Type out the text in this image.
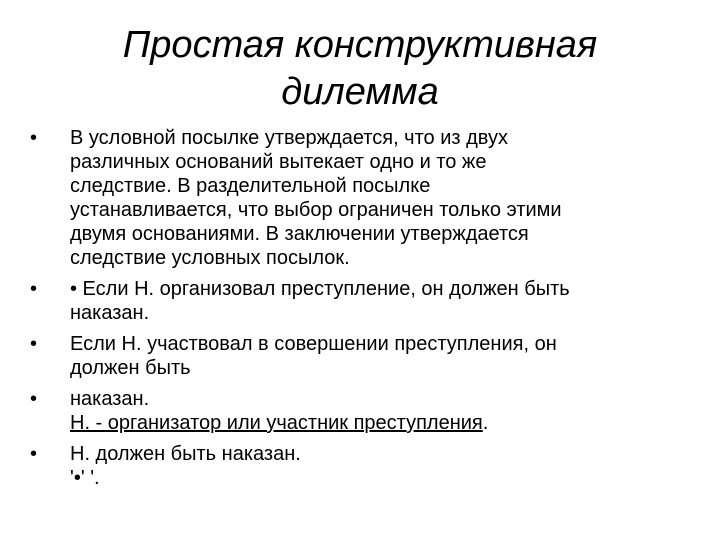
Простая конструктивная
дилемма
•	В условной посылке утверждается, что из двух
различных оснований вытекает одно и то же
следствие. В разделительной посылке
устанавливается, что выбор ограничен только этими
двумя основаниями. В заключении утверждается
следствие условных посылок.
•	• Если Н. организовал преступление, он должен быть
наказан.
•	Если Н. участвовал в совершении преступления, он
должен быть
•	наказан.
Н. - организатор или участник преступления.
•	Н. должен быть наказан.
'•' '.
